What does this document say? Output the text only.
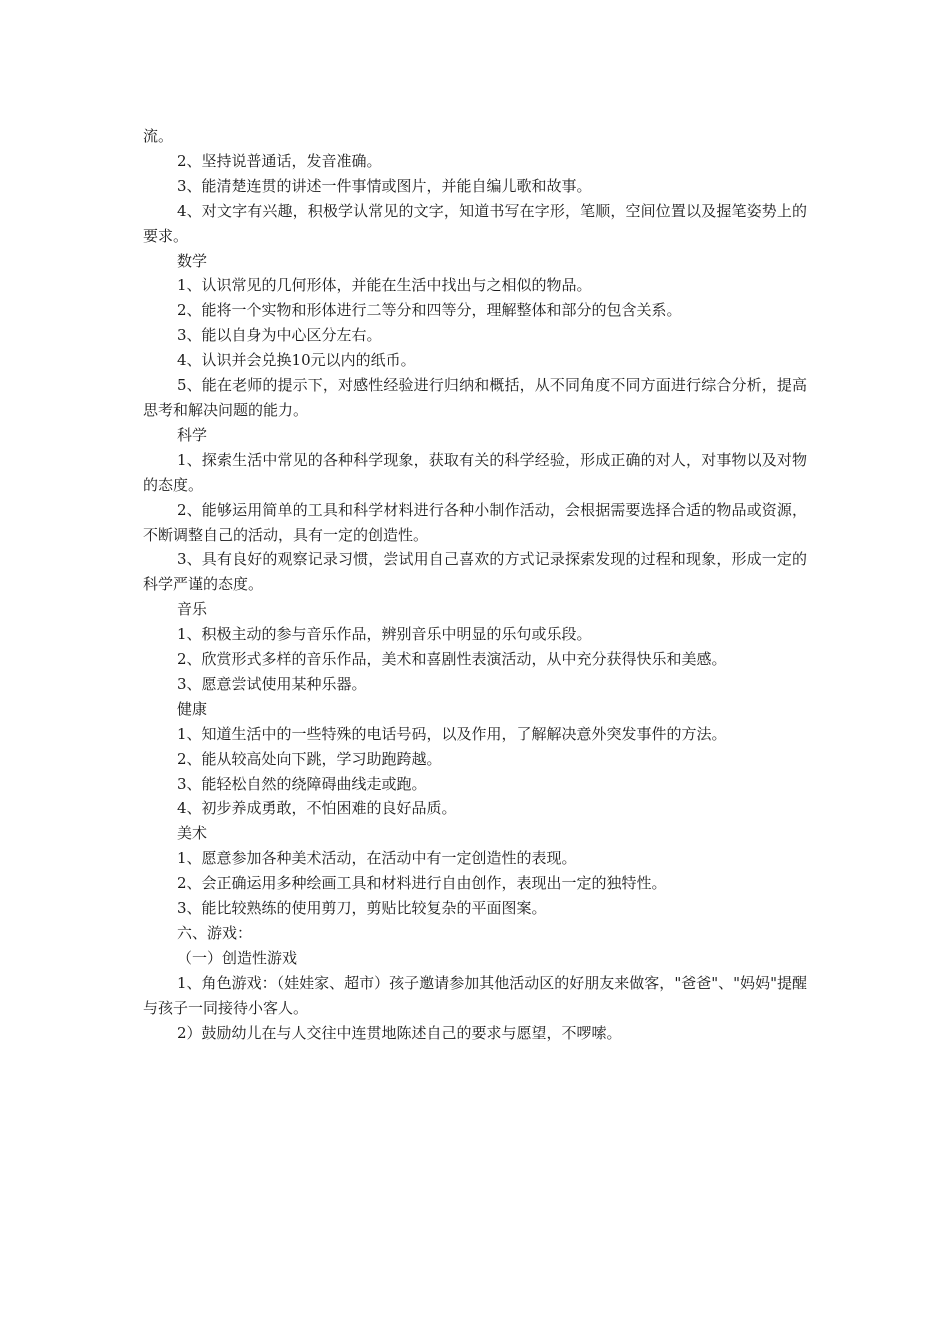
流。

2、坚持说普通话，发音准确。

3、能清楚连贯的讲述一件事情或图片，并能自编儿歌和故事。

4、对文字有兴趣，积极学认常见的文字，知道书写在字形，笔顺，空间位置以及握笔姿势上的要求。

数学

1、认识常见的几何形体，并能在生活中找出与之相似的物品。

2、能将一个实物和形体进行二等分和四等分，理解整体和部分的包含关系。

3、能以自身为中心区分左右。

4、认识并会兑换10元以内的纸币。

5、能在老师的提示下，对感性经验进行归纳和概括，从不同角度不同方面进行综合分析，提高思考和解决问题的能力。

科学

1、探索生活中常见的各种科学现象，获取有关的科学经验，形成正确的对人，对事物以及对物的态度。

2、能够运用简单的工具和科学材料进行各种小制作活动，会根据需要选择合适的物品或资源，不断调整自己的活动，具有一定的创造性。

3、具有良好的观察记录习惯，尝试用自己喜欢的方式记录探索发现的过程和现象，形成一定的科学严谨的态度。

音乐

1、积极主动的参与音乐作品，辨别音乐中明显的乐句或乐段。

2、欣赏形式多样的音乐作品，美术和喜剧性表演活动，从中充分获得快乐和美感。

3、愿意尝试使用某种乐器。

健康

1、知道生活中的一些特殊的电话号码，以及作用，了解解决意外突发事件的方法。

2、能从较高处向下跳，学习助跑跨越。

3、能轻松自然的绕障碍曲线走或跑。

4、初步养成勇敢，不怕困难的良好品质。

美术

1、愿意参加各种美术活动，在活动中有一定创造性的表现。

2、会正确运用多种绘画工具和材料进行自由创作，表现出一定的独特性。

3、能比较熟练的使用剪刀，剪贴比较复杂的平面图案。

六、游戏：

（一）创造性游戏

1、角色游戏：（娃娃家、超市）孩子邀请参加其他活动区的好朋友来做客，"爸爸"、"妈妈"提醒与孩子一同接待小客人。

2）鼓励幼儿在与人交往中连贯地陈述自己的要求与愿望，不啰嗦。
